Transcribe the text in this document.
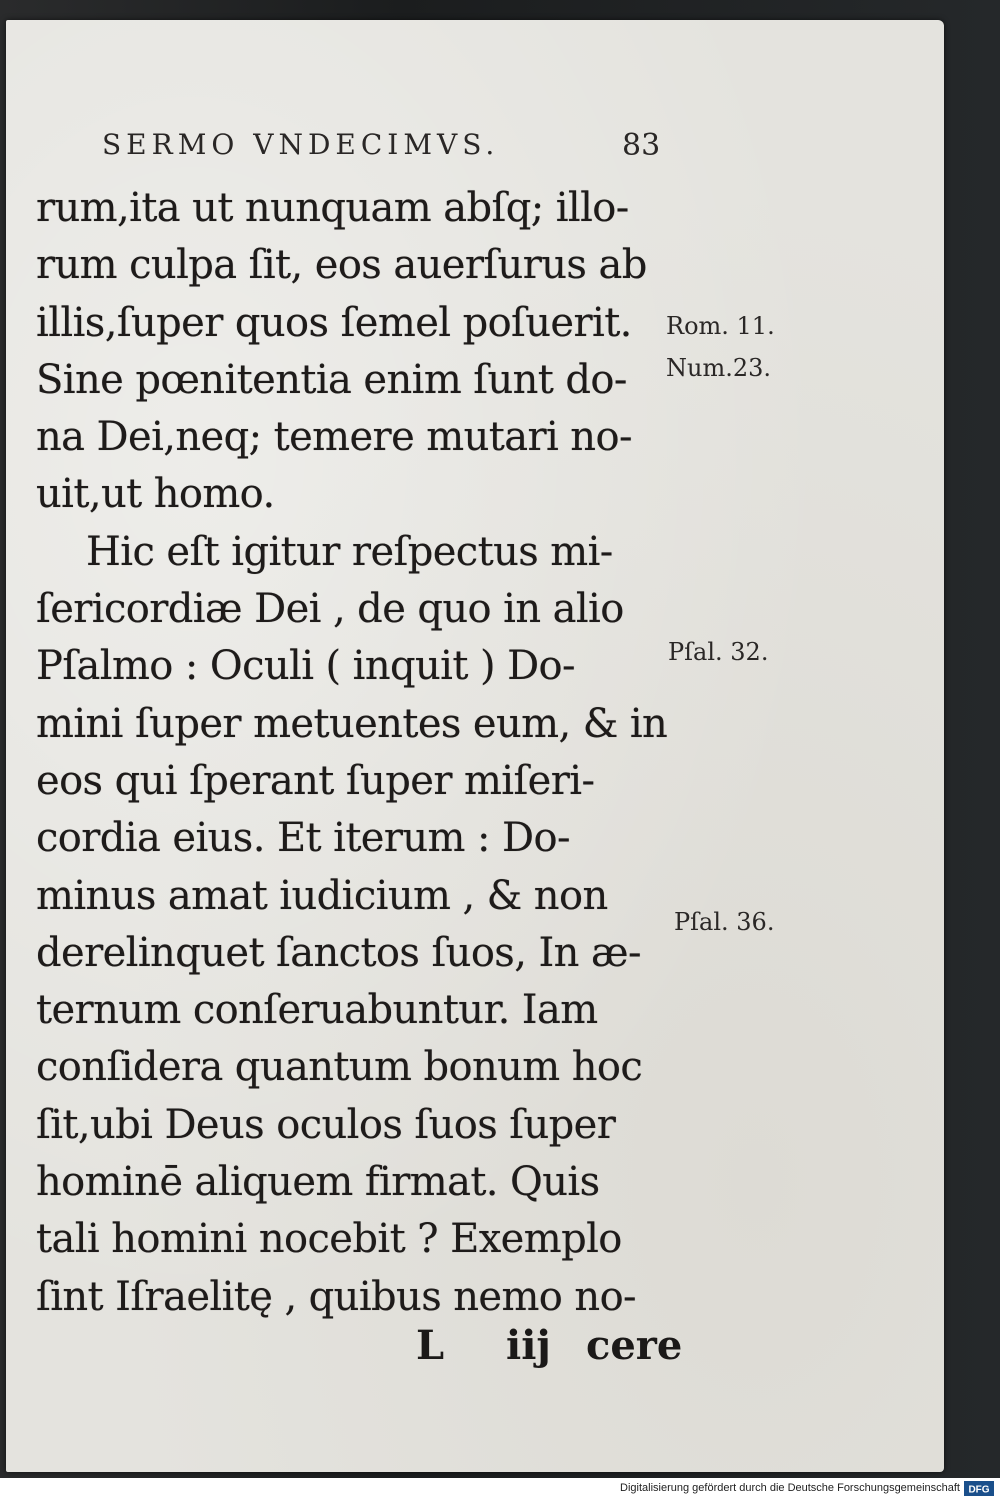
SERMO VNDECIMVS.	83
rum,ita ut nunquam abſq; illo-
rum culpa ſit, eos auerſurus ab
illis,ſuper quos ſemel poſuerit.
Sine pœnitentia enim ſunt do-
na Dei,neq; temere mutari no-
uit,ut homo.
Hic eſt igitur reſpectus mi-
ſericordiæ Dei , de quo in alio
Pſalmo : Oculi ( inquit ) Do-
mini ſuper metuentes eum, & in
eos qui ſperant ſuper miſeri-
cordia eius. Et iterum : Do-
minus amat iudicium , & non
derelinquet ſanctos ſuos, In æ-
ternum conſeruabuntur. Iam
conſidera quantum bonum hoc
ſit,ubi Deus oculos ſuos ſuper
hominē aliquem firmat. Quis
tali homini nocebit ? Exemplo
ſint Iſraelitę , quibus nemo no-
L iij cere
Rom. 11.
Num.23.
Pſal. 32.
Pſal. 36.
Digitalisierung gefördert durch die Deutsche Forschungsgemeinschaft DFG
